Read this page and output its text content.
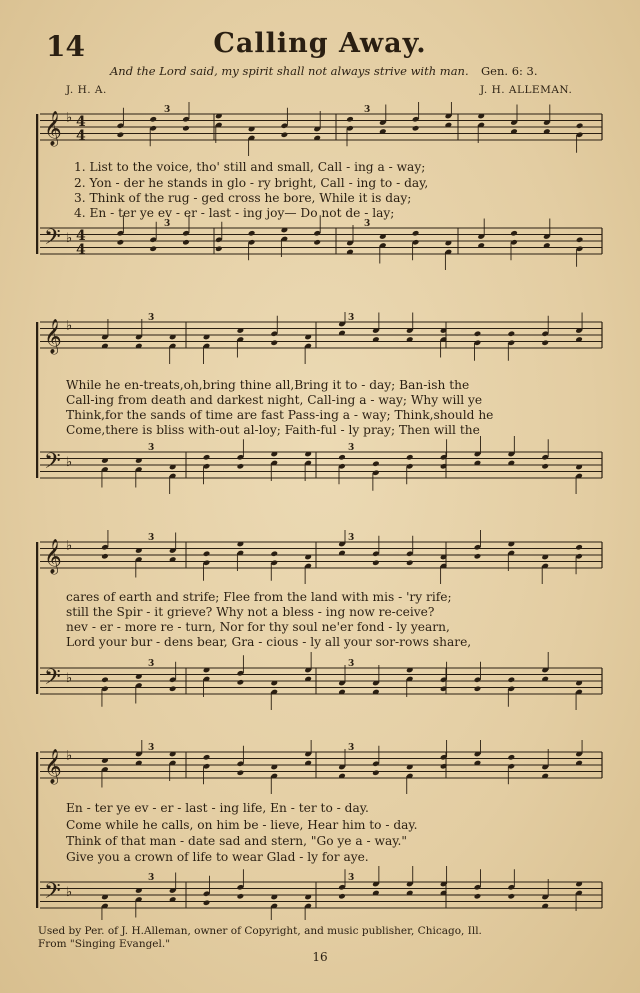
14	Calling Away.
And the Lord said, my spirit shall not always strive with man. Gen. 6: 3.
J. H. A.	J. H. ALLEMAN.
𝄞
𝄢
♭
♭
4
4
4
4
3
3
3
3
1. List to the voice, tho' still and small, Call - ing a - way;
2. Yon - der he stands in glo - ry bright, Call - ing to - day,
3. Think of the rug - ged cross he bore, While it is day;
4. En - ter ye ev - er - last - ing joy— Do not de - lay;
𝄞
𝄢
♭
♭
3
3
3
3
While he en-treats,oh,bring thine all,Bring it to - day; Ban-ish the
Call-ing from death and darkest night, Call-ing a - way; Why will ye
Think,for the sands of time are fast Pass-ing a - way; Think,should he
Come,there is bliss with-out al-loy; Faith-ful - ly pray; Then will the
𝄞
𝄢
♭
♭
3
3
3
3
cares of earth and strife; Flee from the land with mis - 'ry rife;
still the Spir - it grieve? Why not a bless - ing now re-ceive?
nev - er - more re - turn, Nor for thy soul ne'er fond - ly yearn,
Lord your bur - dens bear, Gra - cious - ly all your sor-rows share,
𝄞
𝄢
♭
♭
3
3
3
3
En - ter ye ev - er - last - ing life, En - ter to - day.
Come while he calls, on him be - lieve, Hear him to - day.
Think of that man - date sad and stern, "Go ye a - way."
Give you a crown of life to wear Glad - ly for aye.
Used by Per. of J. H.Alleman, owner of Copyright, and music publisher, Chicago, Ill.
From "Singing Evangel."
16
